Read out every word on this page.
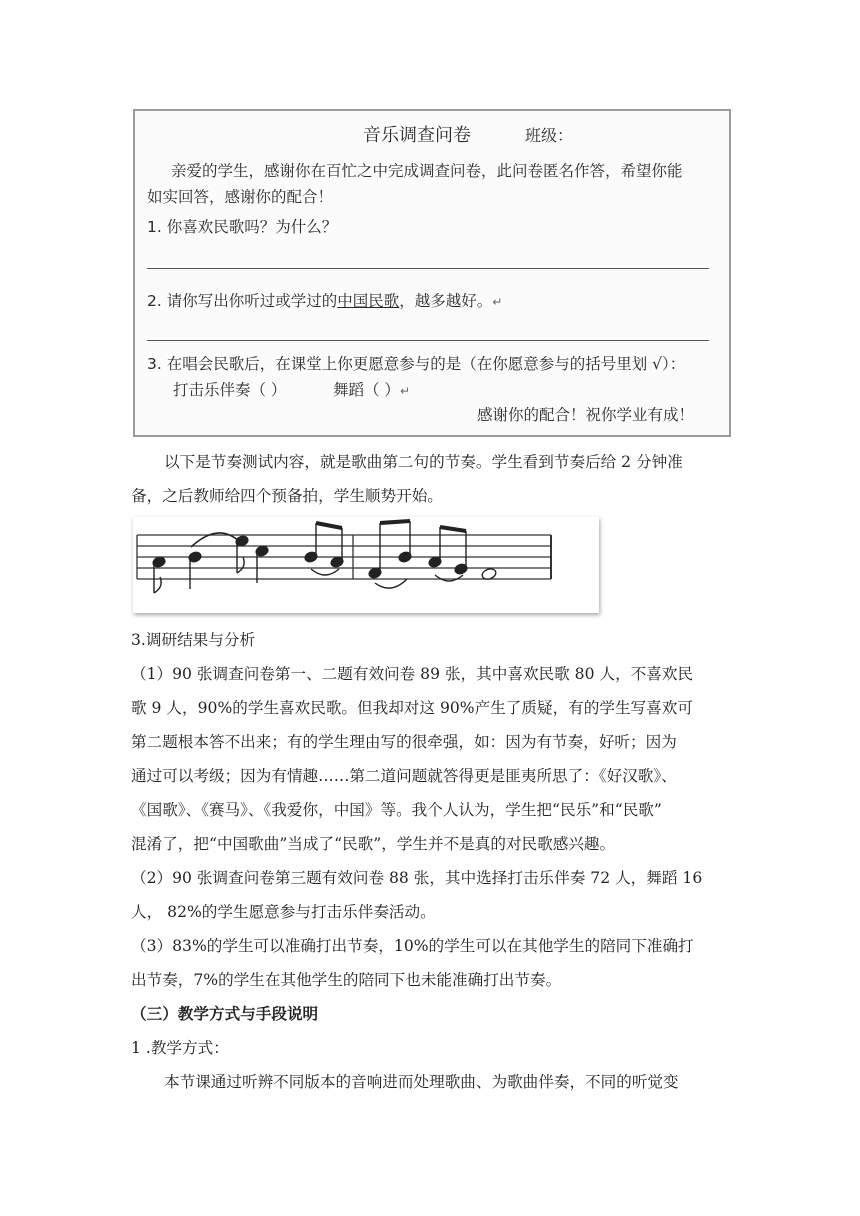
音乐调查问卷	班级：
亲爱的学生，感谢你在百忙之中完成调查问卷，此问卷匿名作答，希望你能
如实回答，感谢你的配合！
1. 你喜欢民歌吗？为什么？
2. 请你写出你听过或学过的中国民歌，越多越好。↵
3. 在唱会民歌后，在课堂上你更愿意参与的是（在你愿意参与的括号里划 √）：
打击乐伴奏（ ）	舞蹈（ ）↵
感谢你的配合！祝你学业有成！
以下是节奏测试内容，就是歌曲第二句的节奏。学生看到节奏后给 2 分钟准
备，之后教师给四个预备拍，学生顺势开始。
3.调研结果与分析
（1）90 张调查问卷第一、二题有效问卷 89 张，其中喜欢民歌 80 人，不喜欢民
歌 9 人，90%的学生喜欢民歌。但我却对这 90%产生了质疑，有的学生写喜欢可
第二题根本答不出来；有的学生理由写的很牵强，如：因为有节奏，好听；因为
通过可以考级；因为有情趣……第二道问题就答得更是匪夷所思了：《好汉歌》、
《国歌》、《赛马》、《我爱你，中国》等。我个人认为，学生把“民乐”和“民歌”
混淆了，把“中国歌曲”当成了“民歌”，学生并不是真的对民歌感兴趣。
（2）90 张调查问卷第三题有效问卷 88 张，其中选择打击乐伴奏 72 人，舞蹈 16
人， 82%的学生愿意参与打击乐伴奏活动。
（3）83%的学生可以准确打出节奏，10%的学生可以在其他学生的陪同下准确打
出节奏，7%的学生在其他学生的陪同下也未能准确打出节奏。
（三）教学方式与手段说明
1 .教学方式：
本节课通过听辨不同版本的音响进而处理歌曲、为歌曲伴奏，不同的听觉变
